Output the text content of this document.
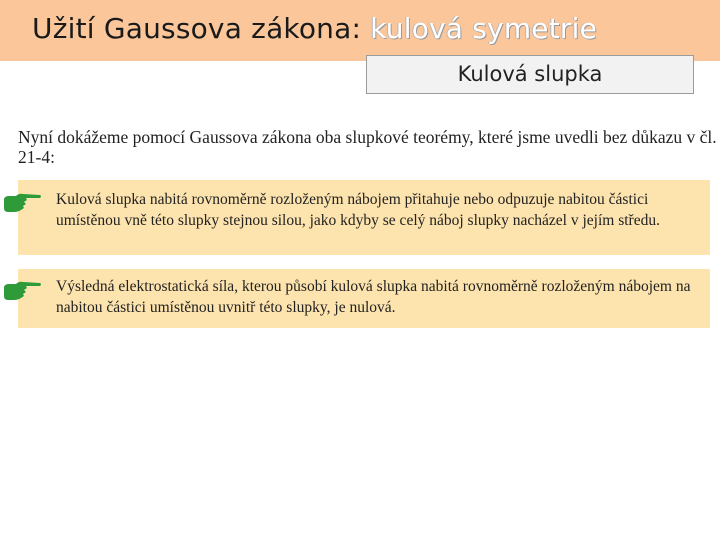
Užití Gaussova zákona: kulová symetrie
Kulová slupka
Nyní dokážeme pomocí Gaussova zákona oba slupkové teorémy, které jsme uvedli bez důkazu v čl. 21-4:
Kulová slupka nabitá rovnoměrně rozloženým nábojem přitahuje nebo odpuzuje nabitou částici umístěnou vně této slupky stejnou silou, jako kdyby se celý náboj slupky nacházel v jejím středu.
Výsledná elektrostatická síla, kterou působí kulová slupka nabitá rovnoměrně rozloženým nábojem na nabitou částici umístěnou uvnitř této slupky, je nulová.
